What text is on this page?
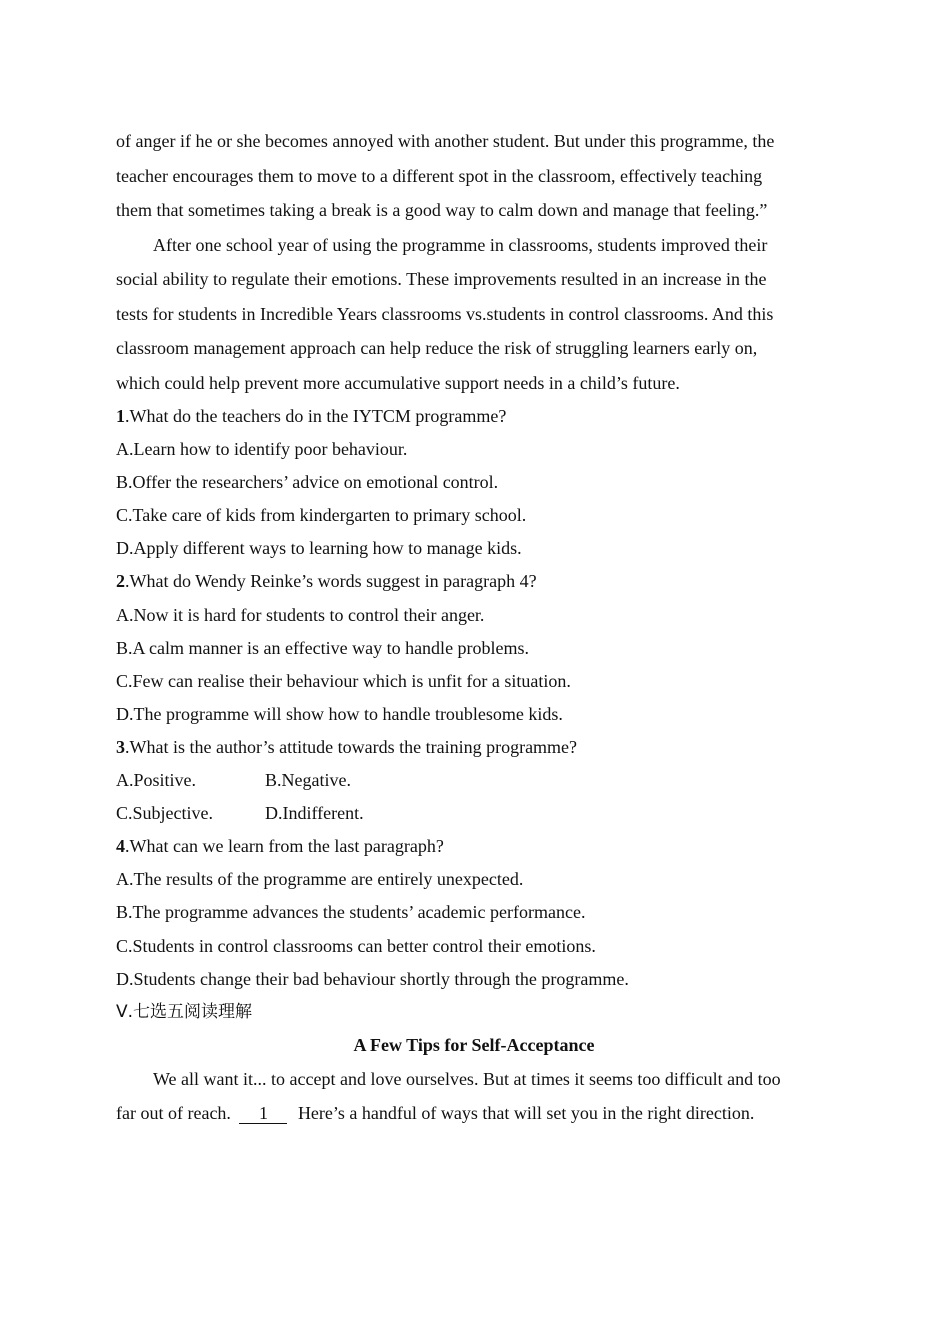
of anger if he or she becomes annoyed with another student. But under this programme, the
teacher encourages them to move to a different spot in the classroom, effectively teaching
them that sometimes taking a break is a good way to calm down and manage that feeling.”
After one school year of using the programme in classrooms, students improved their
social ability to regulate their emotions. These improvements resulted in an increase in the
tests for students in Incredible Years classrooms vs.students in control classrooms. And this
classroom management approach can help reduce the risk of struggling learners early on,
which could help prevent more accumulative support needs in a child’s future.
1.What do the teachers do in the IYTCM programme?
A.Learn how to identify poor behaviour.
B.Offer the researchers’ advice on emotional control.
C.Take care of kids from kindergarten to primary school.
D.Apply different ways to learning how to manage kids.
2.What do Wendy Reinke’s words suggest in paragraph 4?
A.Now it is hard for students to control their anger.
B.A calm manner is an effective way to handle problems.
C.Few can realise their behaviour which is unfit for a situation.
D.The programme will show how to handle troublesome kids.
3.What is the author’s attitude towards the training programme?
A.Positive.	B.Negative.
C.Subjective.	D.Indifferent.
4.What can we learn from the last paragraph?
A.The results of the programme are entirely unexpected.
B.The programme advances the students’ academic performance.
C.Students in control classrooms can better control their emotions.
D.Students change their bad behaviour shortly through the programme.
Ⅴ.七选五阅读理解
A Few Tips for Self-Acceptance
We all want it... to accept and love ourselves. But at times it seems too difficult and too
far out of reach. 1 Here’s a handful of ways that will set you in the right direction.
